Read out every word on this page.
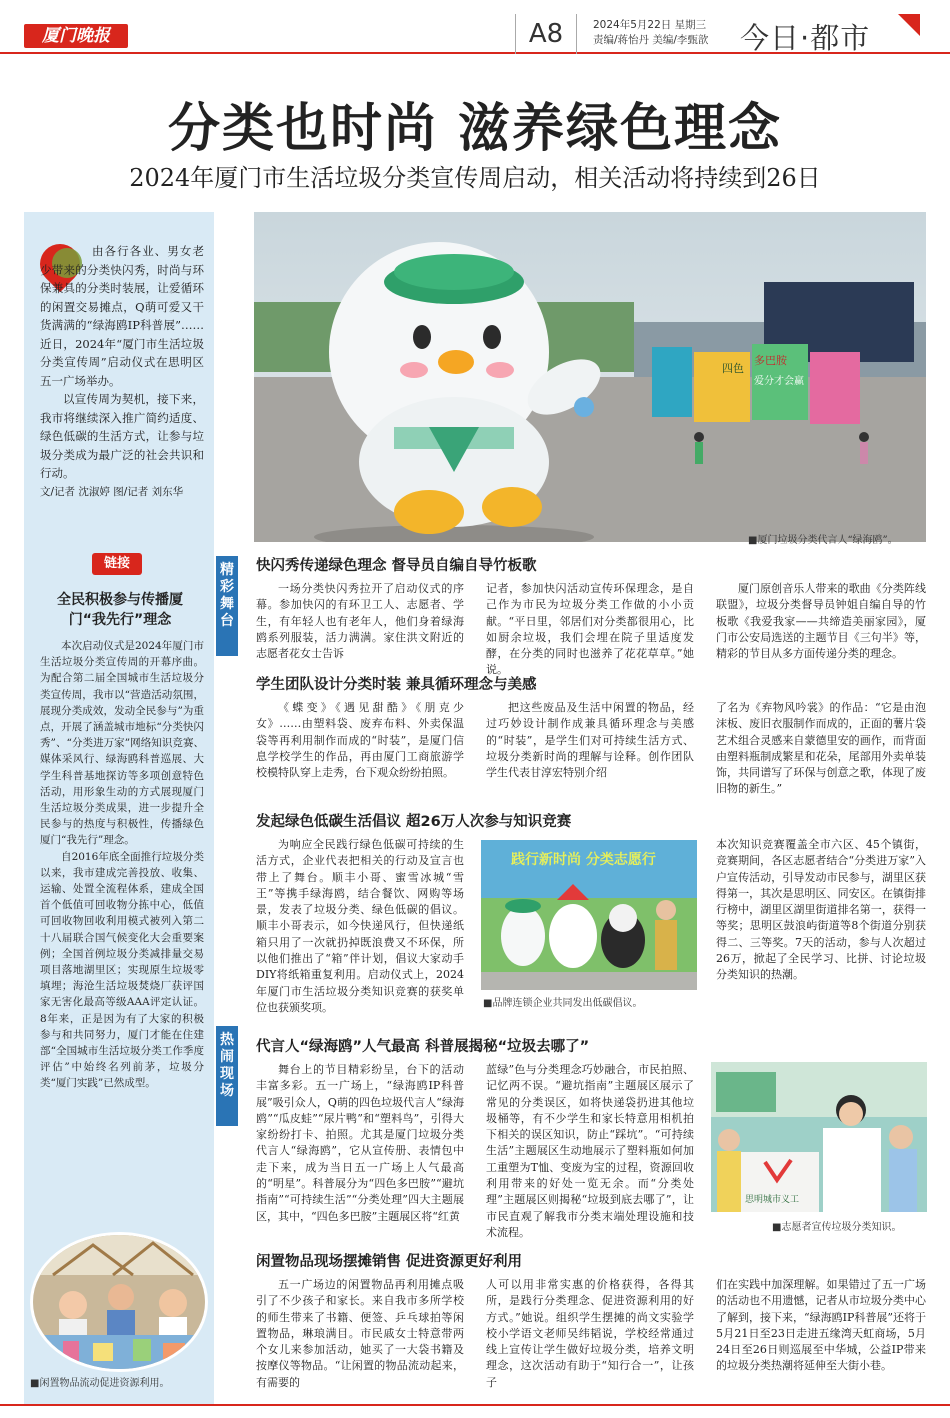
厦门晚报	A8	2024年5月22日 星期三
责编/蒋怡丹 美编/李甄歆	今日·都市
分类也时尚 滋养绿色理念
2024年厦门市生活垃圾分类宣传周启动，相关活动将持续到26日

由各行各业、男女老少带来的分类快闪秀，时尚与环保兼具的分类时装展，让爱循环的闲置交易摊点，Q萌可爱又干货满满的“绿海鸥IP科普展”……近日，2024年“厦门市生活垃圾分类宣传周”启动仪式在思明区五一广场举办。

以宣传周为契机，接下来，我市将继续深入推广简约适度、绿色低碳的生活方式，让参与垃圾分类成为最广泛的社会共识和行动。

文/记者 沈淑婷 图/记者 刘东华

链接
全民积极参与传播厦门“我先行”理念

本次启动仪式是2024年厦门市生活垃圾分类宣传周的开幕序曲。为配合第二届全国城市生活垃圾分类宣传周，我市以“营造活动氛围，展现分类成效，发动全民参与”为重点，开展了涵盖城市地标“分类快闪秀”、“分类进万家”网络知识竞赛、媒体采风行、绿海鸥科普巡展、大学生科普基地探访等多项创意特色活动，用形象生动的方式展现厦门生活垃圾分类成果，进一步提升全民参与的热度与积极性，传播绿色厦门“我先行”理念。

自2016年底全面推行垃圾分类以来，我市建成完善投放、收集、运输、处置全流程体系，建成全国首个低值可回收物分拣中心，低值可回收物回收利用模式被列入第二十八届联合国气候变化大会重要案例；全国首例垃圾分类减排量交易项目落地湖里区；实现原生垃圾零填埋；海沧生活垃圾焚烧厂获评国家无害化最高等级AAA评定认证。8年来，正是因为有了大家的积极参与和共同努力，厦门才能在住建部“全国城市生活垃圾分类工作季度评估”中始终名列前茅，垃圾分类“厦门实践”已然成型。

■闲置物品流动促进资源利用。
四色
多巴胺
爱分才会赢
■厦门垃圾分类代言人“绿海鸥”。
精彩舞台
热闹现场
快闪秀传递绿色理念 督导员自编自导竹板歌

一场分类快闪秀拉开了启动仪式的序幕。参加快闪的有环卫工人、志愿者、学生，有年轻人也有老年人，他们身着绿海鸥系列服装，活力满满。家住洪文附近的志愿者花女士告诉

记者，参加快闪活动宣传环保理念，是自己作为市民为垃圾分类工作做的小小贡献。“平日里，邻居们对分类都很用心，比如厨余垃圾，我们会埋在院子里适度发酵，在分类的同时也滋养了花花草草。”她说。

厦门原创音乐人带来的歌曲《分类阵线联盟》，垃圾分类督导员钟姐自编自导的竹板歌《我爱我家——共缔造美丽家园》，厦门市公安局选送的主题节目《三句半》等，精彩的节目从多方面传递分类的理念。

学生团队设计分类时装 兼具循环理念与美感

《蝶变》《遇见甜酷》《朋克少女》……由塑料袋、废弃布料、外卖保温袋等再利用制作而成的“时装”，是厦门信息学校学生的作品，再由厦门工商旅游学校模特队穿上走秀，台下观众纷纷拍照。

把这些废品及生活中闲置的物品，经过巧妙设计制作成兼具循环理念与美感的“时装”，是学生们对可持续生活方式、垃圾分类新时尚的理解与诠释。创作团队学生代表甘淳宏特别介绍

了名为《弃物风吟裳》的作品：“它是由泡沫板、废旧衣服制作而成的，正面的薯片袋艺术组合灵感来自蒙德里安的画作，而背面由塑料瓶制成繁星和花朵，尾部用外卖单装饰，共同谱写了环保与创意之歌，体现了废旧物的新生。”

发起绿色低碳生活倡议 超26万人次参与知识竞赛

为响应全民践行绿色低碳可持续的生活方式，企业代表把相关的行动及宣言也带上了舞台。顺丰小哥、蜜雪冰城“雪王”等携手绿海鸥，结合餐饮、网购等场景，发表了垃圾分类、绿色低碳的倡议。顺丰小哥表示，如今快递风行，但快递纸箱只用了一次就扔掉既浪费又不环保，所以他们推出了“箱”伴计划，倡议大家动手DIY将纸箱重复利用。启动仪式上，2024年厦门市生活垃圾分类知识竞赛的获奖单位也获颁奖项。

践行新时尚 分类志愿行
■品牌连锁企业共同发出低碳倡议。

本次知识竞赛覆盖全市六区、45个镇街，竞赛期间，各区志愿者结合“分类进万家”入户宣传活动，引导发动市民参与，湖里区获得第一，其次是思明区、同安区。在镇街排行榜中，湖里区湖里街道排名第一，获得一等奖；思明区鼓浪屿街道等8个街道分别获得二、三等奖。7天的活动，参与人次超过26万，掀起了全民学习、比拼、讨论垃圾分类知识的热潮。

代言人“绿海鸥”人气最高 科普展揭秘“垃圾去哪了”

舞台上的节目精彩纷呈，台下的活动丰富多彩。五一广场上，“绿海鸥IP科普展”吸引众人，Q萌的四色垃圾代言人“绿海鸥”“瓜皮蛙”“尿片鸭”和“塑料鸟”，引得大家纷纷打卡、拍照。尤其是厦门垃圾分类代言人“绿海鸥”，它从宣传册、表情包中走下来，成为当日五一广场上人气最高的“明星”。科普展分为“四色多巴胺”“避坑指南”“可持续生活”“分类处理”四大主题展区，其中，“四色多巴胺”主题展区将“红黄

蓝绿”色与分类理念巧妙融合，市民拍照、记忆两不误。“避坑指南”主题展区展示了常见的分类误区，如将快递袋扔进其他垃圾桶等，有不少学生和家长特意用相机拍下相关的误区知识，防止“踩坑”。“可持续生活”主题展区生动地展示了塑料瓶如何加工重塑为T恤、变废为宝的过程，资源回收利用带来的好处一览无余。而“分类处理”主题展区则揭秘“垃圾到底去哪了”，让市民直观了解我市分类末端处理设施和技术流程。

思明城市义工
■志愿者宣传垃圾分类知识。
闲置物品现场摆摊销售 促进资源更好利用

五一广场边的闲置物品再利用摊点吸引了不少孩子和家长。来自我市多所学校的师生带来了书籍、便签、乒乓球拍等闲置物品，琳琅满目。市民戚女士特意带两个女儿来参加活动，她买了一大袋书籍及按摩仪等物品。“让闲置的物品流动起来，有需要的

人可以用非常实惠的价格获得，各得其所，是践行分类理念、促进资源利用的好方式。”她说。组织学生摆摊的尚文实验学校小学语文老师吴纬韬说，学校经常通过线上宣传让学生做好垃圾分类，培养文明理念，这次活动有助于“知行合一”，让孩子

们在实践中加深理解。如果错过了五一广场的活动也不用遗憾，记者从市垃圾分类中心了解到，接下来，“绿海鸥IP科普展”还将于5月21日至23日走进五缘湾天虹商场，5月24日至26日则巡展至中华城，公益IP带来的垃圾分类热潮将延伸至大街小巷。
